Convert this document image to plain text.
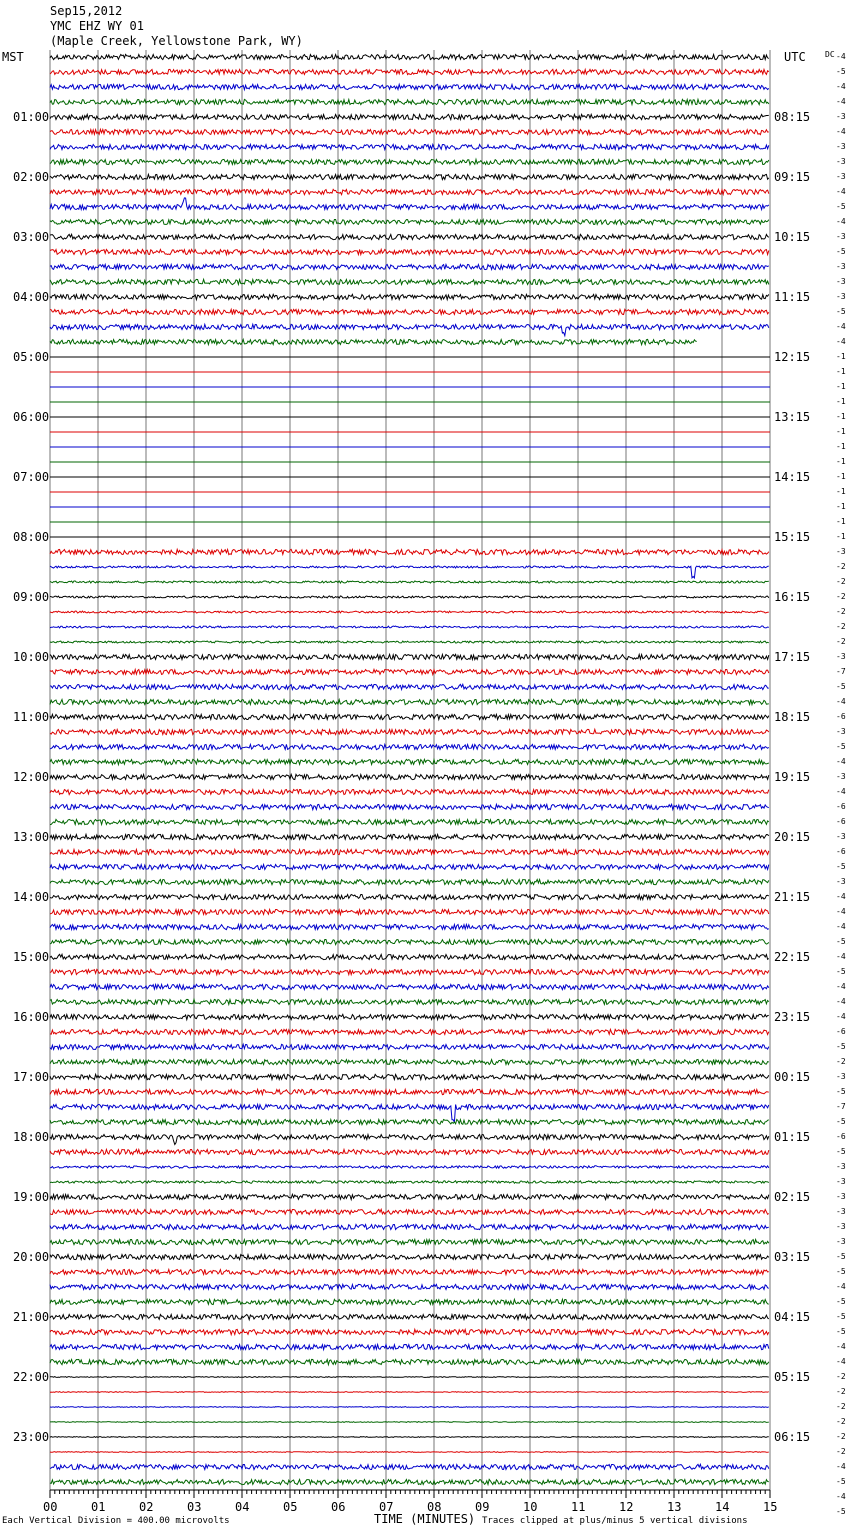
Sep15,2012
YMC EHZ WY 01
(Maple Creek, Yellowstone Park, WY)
MST	UTC DC
01:00
02:00
03:00
04:00
05:00
06:00
07:00
08:00
09:00
10:00
11:00
12:00
13:00
14:00
15:00
16:00
17:00
18:00
19:00
20:00
21:00
22:00
23:00
08:15
09:15
10:15
11:15
12:15
13:15
14:15
15:15
16:15
17:15
18:15
19:15
20:15
21:15
22:15
23:15
00:15
01:15
02:15
03:15
04:15
05:15
06:15
-4
-5
-4
-4
-3
-4
-3
-3
-3
-4
-5
-4
-3
-5
-3
-3
-3
-5
-4
-4
-1
-1
-1
-1
-1
-1
-1
-1
-1
-1
-1
-1
-1
-3
-2
-2
-2
-2
-2
-2
-3
-7
-5
-4
-6
-3
-5
-4
-3
-4
-6
-6
-3
-6
-5
-3
-4
-4
-4
-5
-4
-5
-4
-4
-4
-6
-5
-2
-3
-5
-7
-5
-6
-5
-3
-3
-3
-3
-3
-3
-5
-5
-4
-5
-5
-5
-4
-4
-2
-2
-2
-2
-2
-2
-4
-5
-4
-5
00	01	02	03	04	05	06	07	08	09	10	11	12	13	14	15
Each Vertical Division = 400.00 microvolts	TIME (MINUTES) Traces clipped at plus/minus 5 vertical divisions
